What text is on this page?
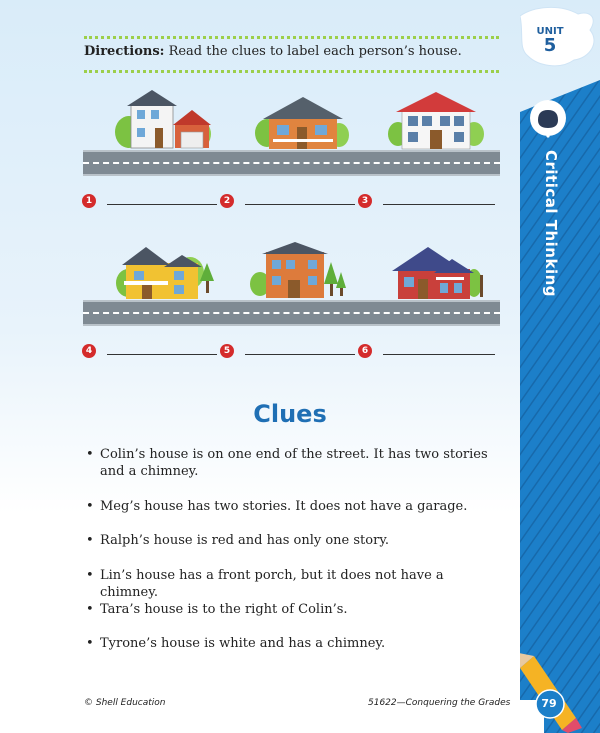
Directions: Read the clues to label each person’s house.
1	2	3
4	5	6
Clues
• Colin’s house is on one end of the street. It has two stories and a chimney.
• Meg’s house has two stories. It does not have a garage.
• Ralph’s house is red and has only one story.
• Lin’s house has a front porch, but it does not have a chimney.
• Tara’s house is to the right of Colin’s.
• Tyrone’s house is white and has a chimney.
UNIT
5
Critical Thinking
© Shell Education	51622—Conquering the Grades	79
